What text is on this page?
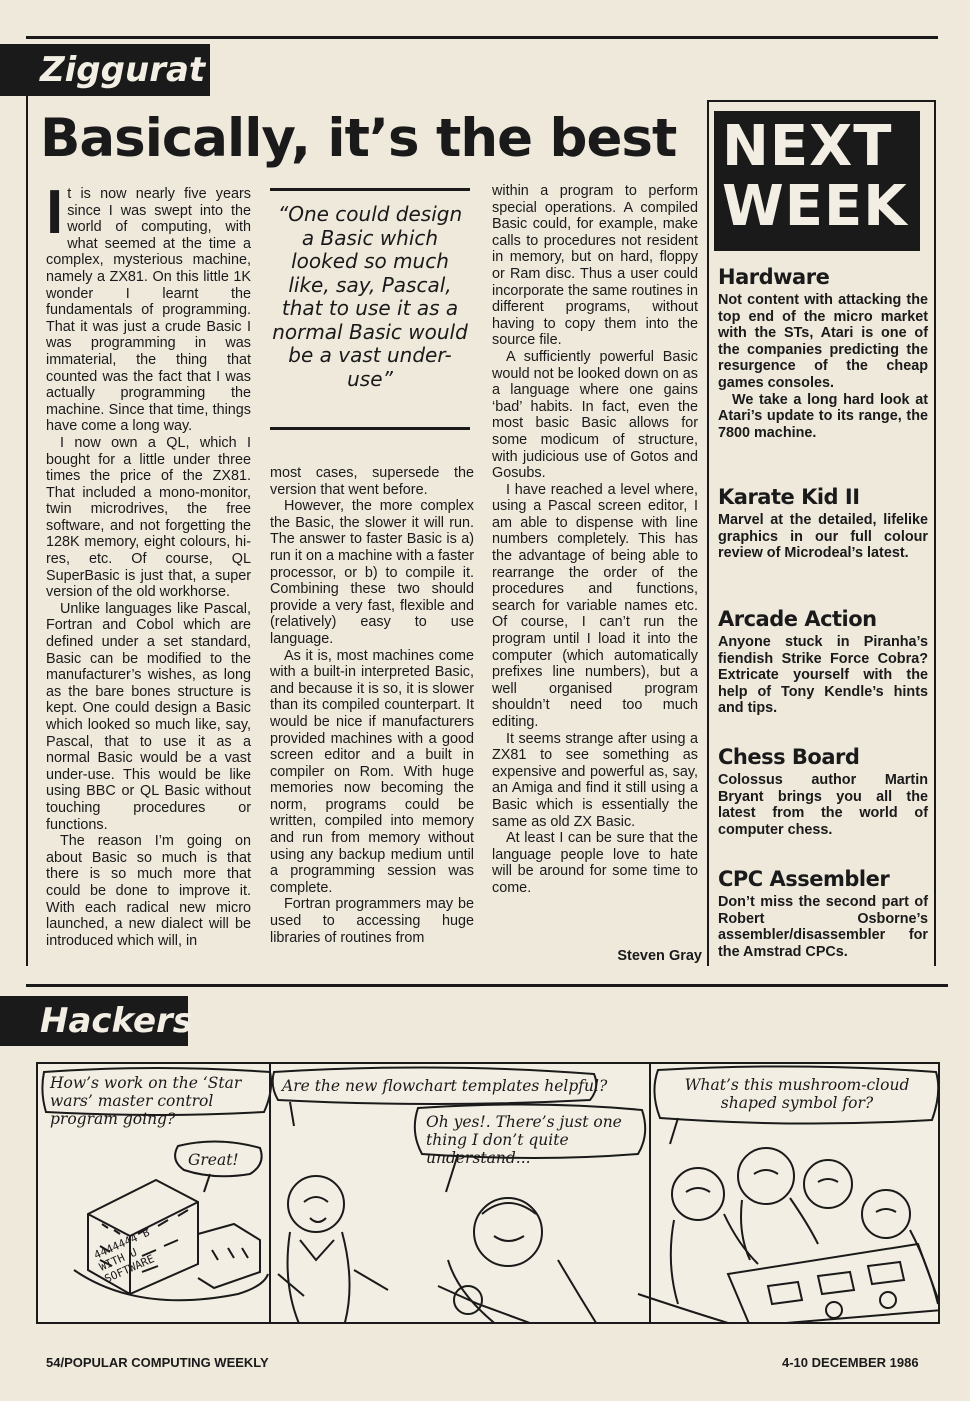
Ziggurat
Basically, it’s the best
I t is now nearly five years since I was swept into the world of computing, with what seemed at the time a complex, mysterious machine, namely a ZX81. On this little 1K wonder I learnt the fundamentals of programming. That it was just a crude Basic I was programming in was immaterial, the thing that counted was the fact that I was actually programming the machine. Since that time, things have come a long way.

I now own a QL, which I bought for a little under three times the price of the ZX81. That included a mono-monitor, twin microdrives, the free software, and not forgetting the 128K memory, eight colours, hi-res, etc. Of course, QL SuperBasic is just that, a super version of the old workhorse.

Unlike languages like Pascal, Fortran and Cobol which are defined under a set standard, Basic can be modified to the manufacturer’s wishes, as long as the bare bones structure is kept. One could design a Basic which looked so much like, say, Pascal, that to use it as a normal Basic would be a vast under-use. This would be like using BBC or QL Basic without touching procedures or functions.

The reason I’m going on about Basic so much is that there is so much more that could be done to improve it. With each radical new micro launched, a new dialect will be introduced which will, in

“One could design a Basic which looked so much like, say, Pascal, that to use it as a normal Basic would be a vast under-use”

most cases, supersede the version that went before.

However, the more complex the Basic, the slower it will run. The answer to faster Basic is a) run it on a machine with a faster processor, or b) to compile it. Combining these two should provide a very fast, flexible and (relatively) easy to use language.

As it is, most machines come with a built-in interpreted Basic, and because it is so, it is slower than its compiled counterpart. It would be nice if manufacturers provided machines with a good screen editor and a built in compiler on Rom. With huge memories now becoming the norm, programs could be written, compiled into memory and run from memory without using any backup medium until a programming session was complete.

Fortran programmers may be used to accessing huge libraries of routines from

within a program to perform special operations. A compiled Basic could, for example, make calls to procedures not resident in memory, but on hard, floppy or Ram disc. Thus a user could incorporate the same routines in different programs, without having to copy them into the source file.

A sufficiently powerful Basic would not be looked down on as a language where one gains ‘bad’ habits. In fact, even the most basic Basic allows for some modicum of structure, with judicious use of Gotos and Gosubs.

I have reached a level where, using a Pascal screen editor, I am able to dispense with line numbers completely. This has the advantage of being able to rearrange the order of the procedures and functions, search for variable names etc. Of course, I can’t run the program until I load it into the computer (which automatically prefixes line numbers), but a well organised program shouldn’t need too much editing.

It seems strange after using a ZX81 to see something as expensive and powerful as, say, an Amiga and find it still using a Basic which is essentially the same as old ZX Basic.

At least I can be sure that the language people love to hate will be around for some time to come.

Steven Gray
NEXT
WEEK
Hardware

Not content with attacking the top end of the micro market with the STs, Atari is one of the companies predicting the resurgence of the cheap games consoles.

We take a long hard look at Atari’s update to its range, the 7800 machine.

Karate Kid II

Marvel at the detailed, lifelike graphics in our full colour review of Microdeal’s latest.

Arcade Action

Anyone stuck in Piranha’s fiendish Strike Force Cobra? Extricate yourself with the help of Tony Kendle’s hints and tips.

Chess Board

Colossus author Martin Bryant brings you all the latest from the world of computer chess.

CPC Assembler

Don’t miss the second part of Robert Osborne’s assembler/disassembler for the Amstrad CPCs.

Hackers
How’s work on the ‘Star wars’ master control program going?
Great!
4444444 B WITH U SOFTWARE
Are the new flowchart templates helpful?
Oh yes!. There’s just one thing I don’t quite understand...
What’s this mushroom-cloud shaped symbol for?
54/POPULAR COMPUTING WEEKLY	4-10 DECEMBER 1986
